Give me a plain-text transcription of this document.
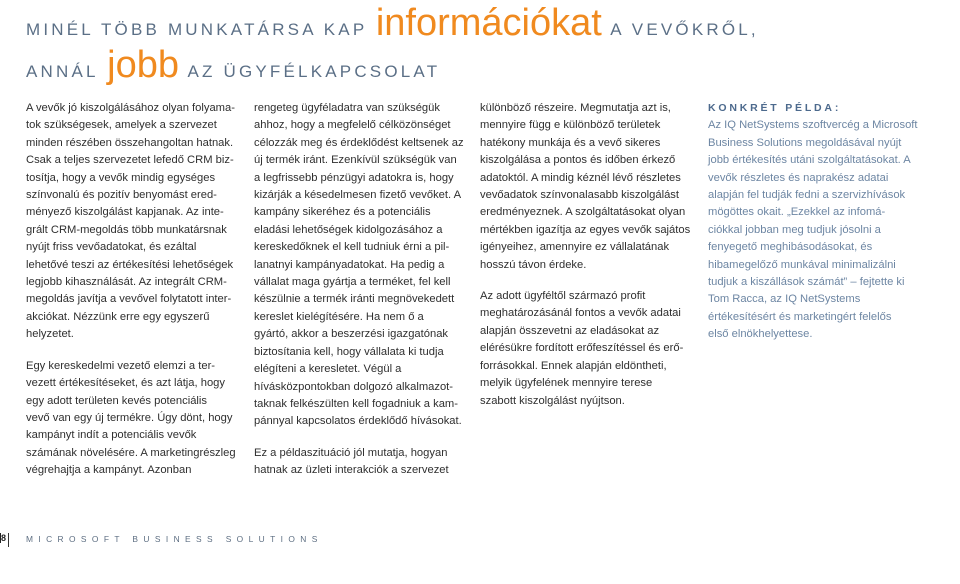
MINÉL TÖBB MUNKATÁRSA KAP információkat A VEVŐKRŐL,
ANNÁL jobb AZ ÜGYFÉLKAPCSOLAT

A vevők jó kiszolgálásához olyan folyama-
tok szükségesek, amelyek a szervezet
minden részében összehangoltan hatnak.
Csak a teljes szervezetet lefedő CRM biz-
tosítja, hogy a vevők mindig egységes
színvonalú és pozitív benyomást ered-
ményező kiszolgálást kapjanak. Az inte-
grált CRM-megoldás több munkatársnak
nyújt friss vevőadatokat, és ezáltal
lehetővé teszi az értékesítési lehetőségek
legjobb kihasználását. Az integrált CRM-
megoldás javítja a vevővel folytatott inter-
akciókat. Nézzünk erre egy egyszerű
helyzetet.

Egy kereskedelmi vezető elemzi a ter-
vezett értékesítéseket, és azt látja, hogy
egy adott területen kevés potenciális
vevő van egy új termékre. Úgy dönt, hogy
kampányt indít a potenciális vevők
számának növelésére. A marketingrészleg
végrehajtja a kampányt. Azonban

rengeteg ügyféladatra van szükségük
ahhoz, hogy a megfelelő célközönséget
célozzák meg és érdeklődést keltsenek az
új termék iránt. Ezenkívül szükségük van
a legfrissebb pénzügyi adatokra is, hogy
kizárják a késedelmesen fizető vevőket. A
kampány sikeréhez és a potenciális
eladási lehetőségek kidolgozásához a
kereskedőknek el kell tudniuk érni a pil-
lanatnyi kampányadatokat. Ha pedig a
vállalat maga gyártja a terméket, fel kell
készülnie a termék iránti megnövekedett
kereslet kielégítésére. Ha nem ő a
gyártó, akkor a beszerzési igazgatónak
biztosítania kell, hogy vállalata ki tudja
elégíteni a keresletet. Végül a
hívásközpontokban dolgozó alkalmazot-
taknak felkészülten kell fogadniuk a kam-
pánnyal kapcsolatos érdeklődő hívásokat.

Ez a példaszituáció jól mutatja, hogyan
hatnak az üzleti interakciók a szervezet

különböző részeire. Megmutatja azt is,
mennyire függ e különböző területek
hatékony munkája és a vevő sikeres
kiszolgálása a pontos és időben érkező
adatoktól. A mindig kéznél lévő részletes
vevőadatok színvonalasabb kiszolgálást
eredményeznek. A szolgáltatásokat olyan
mértékben igazítja az egyes vevők sajátos
igényeihez, amennyire ez vállalatának
hosszú távon érdeke.

Az adott ügyféltől származó profit
meghatározásánál fontos a vevők adatai
alapján összevetni az eladásokat az
elérésükre fordított erőfeszítéssel és erő-
forrásokkal. Ennek alapján eldöntheti,
melyik ügyfelének mennyire terese
szabott kiszolgálást nyújtson.

KONKRÉT PÉLDA:

Az IQ NetSystems szoftvercég a Microsoft
Business Solutions megoldásával nyújt
jobb értékesítés utáni szolgáltatásokat. A
vevők részletes és naprakész adatai
alapján fel tudják fedni a szervizhívások
mögöttes okait. „Ezekkel az infomá-
ciókkal jobban meg tudjuk jósolni a
fenyegető meghibásodásokat, és
hibamegelőző munkával minimalizálni
tudjuk a kiszállások számát” – fejtette ki
Tom Racca, az IQ NetSystems
értékesítésért és marketingért felelős
első elnökhelyettese.

8 MICROSOFT BUSINESS SOLUTIONS
